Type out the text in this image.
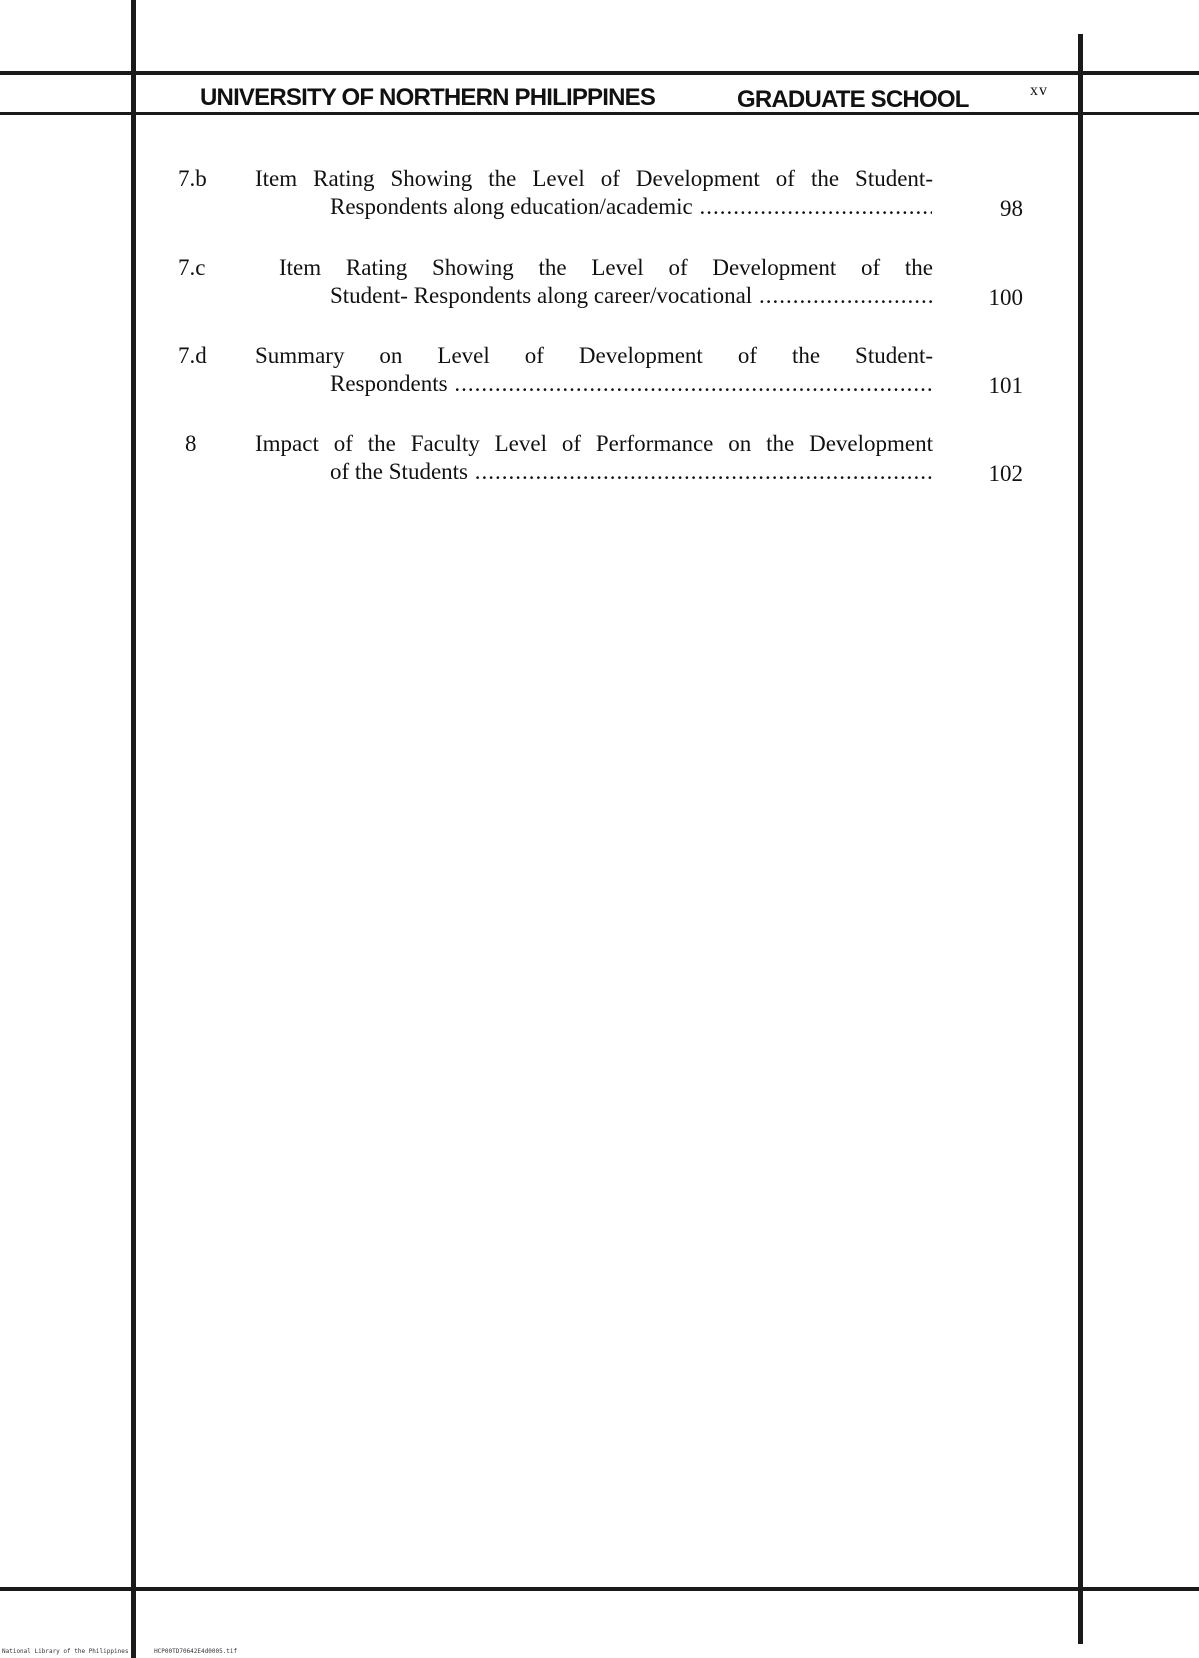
UNIVERSITY OF NORTHERN PHILIPPINES	GRADUATE SCHOOL	xv
7.b Item Rating Showing the Level of Development of the Student-
Respondents along education/academic .....	98
7.c	Item Rating Showing the Level of Development of the
Student- Respondents along career/vocational .....	100
7.d Summary on Level of Development of the Student-
Respondents .....	101
8	Impact of the Faculty Level of Performance on the Development
of the Students .....	102
National Library of the Philippines	HCP00TD70642E4d0005.tif
